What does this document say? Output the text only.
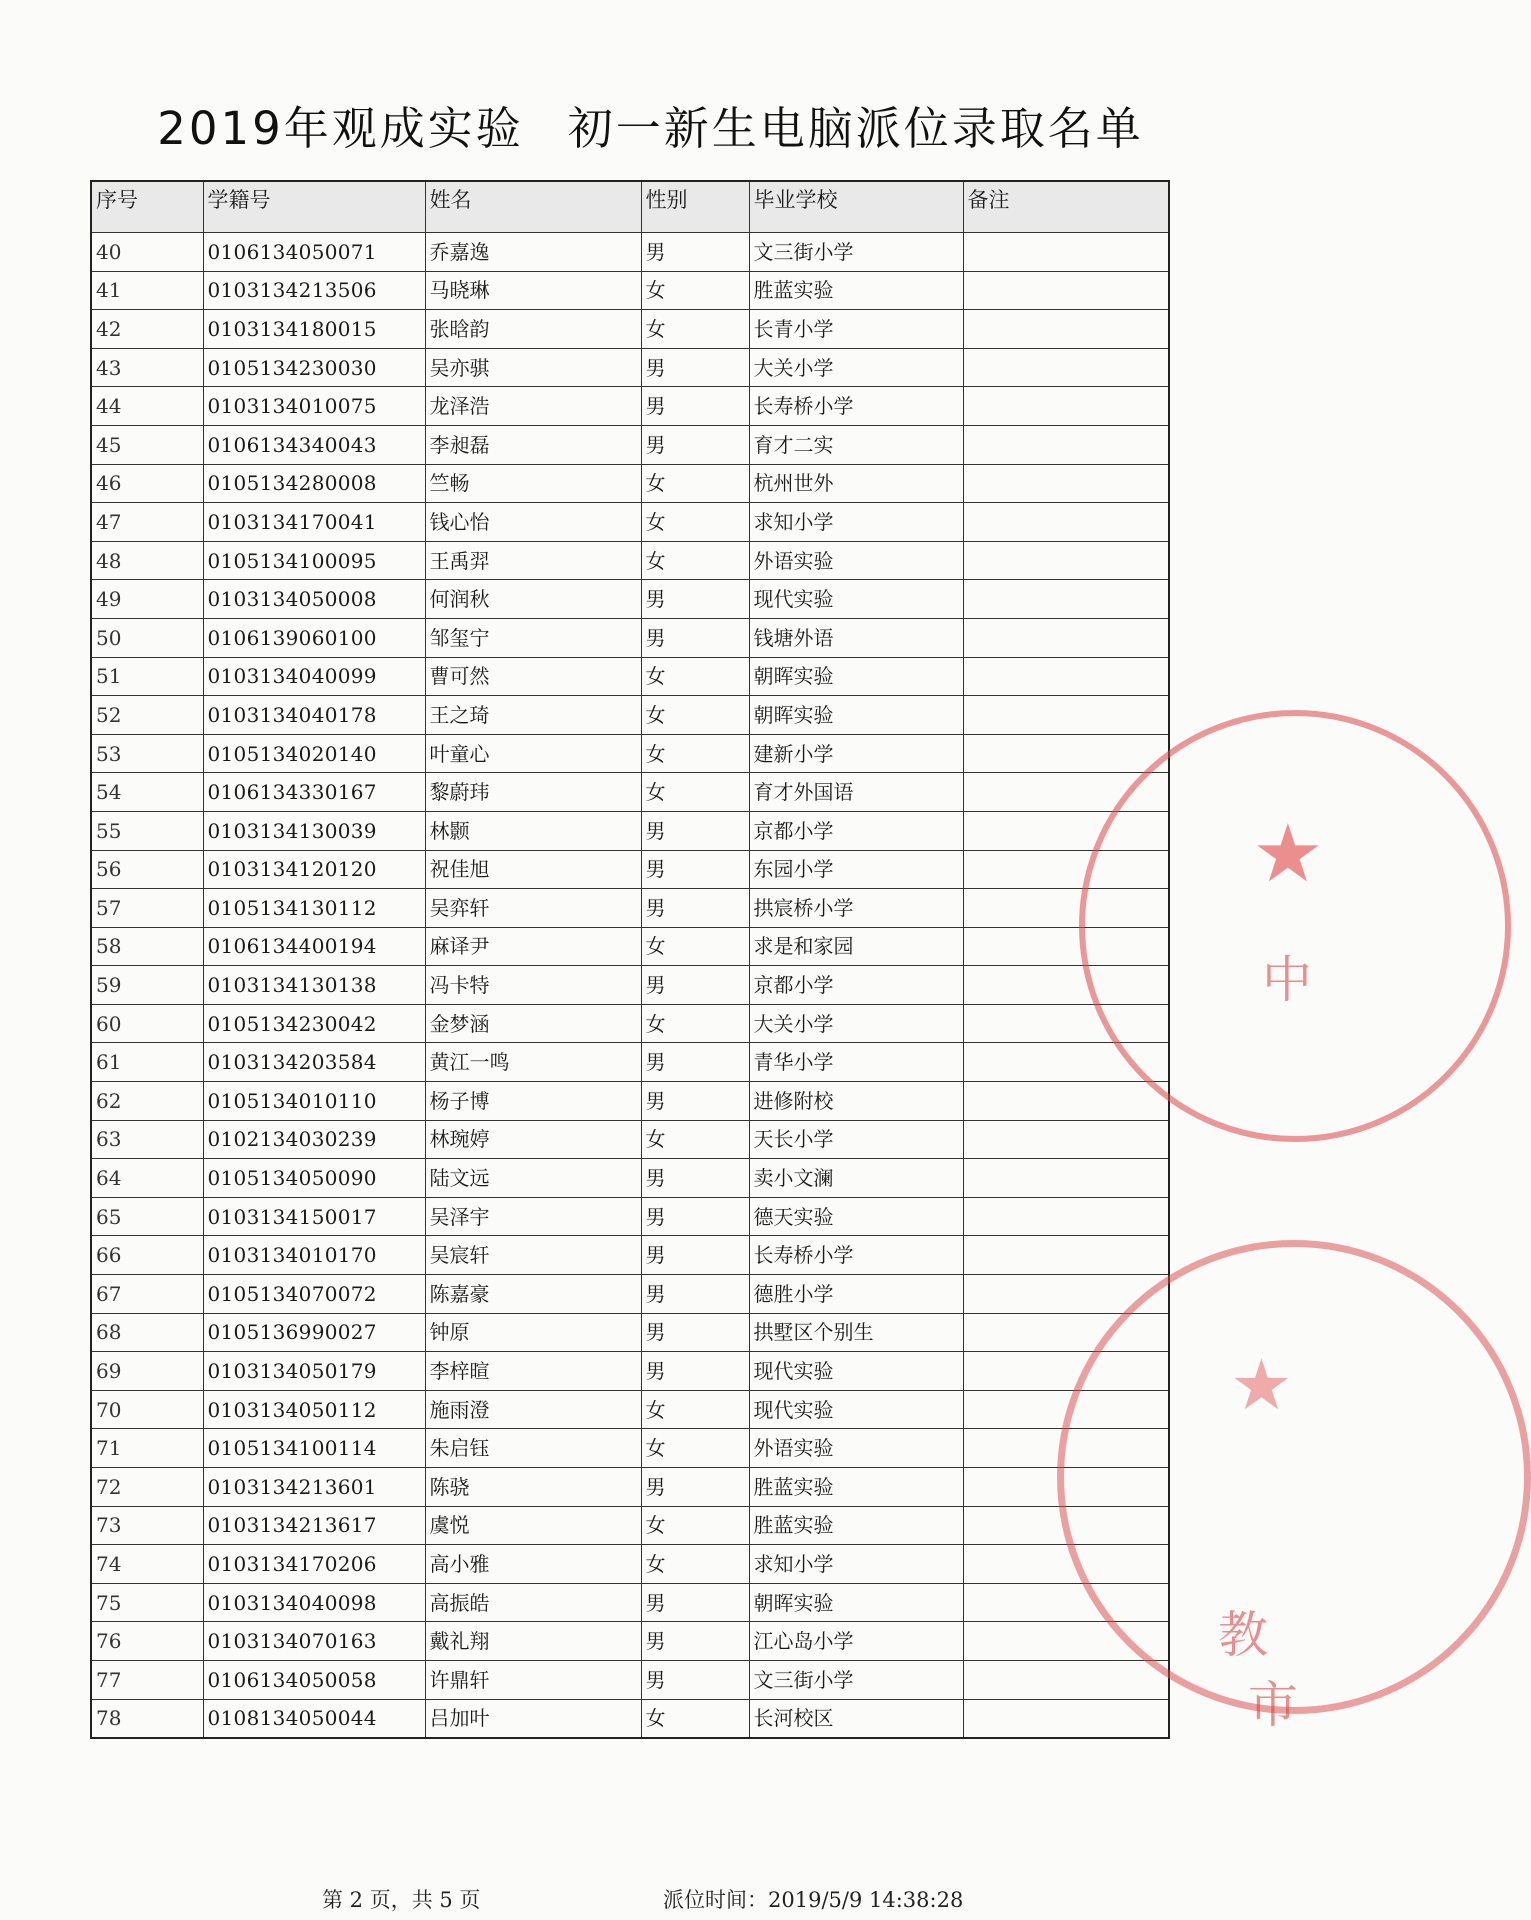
2019年观成实验 初一新生电脑派位录取名单
序号	学籍号	姓名	性别	毕业学校	备注
40	0106134050071	乔嘉逸	男	文三街小学	
41	0103134213506	马晓琳	女	胜蓝实验	
42	0103134180015	张晗韵	女	长青小学	
43	0105134230030	吴亦骐	男	大关小学	
44	0103134010075	龙泽浩	男	长寿桥小学	
45	0106134340043	李昶磊	男	育才二实	
46	0105134280008	竺畅	女	杭州世外	
47	0103134170041	钱心怡	女	求知小学	
48	0105134100095	王禹羿	女	外语实验	
49	0103134050008	何润秋	男	现代实验	
50	0106139060100	邹玺宁	男	钱塘外语	
51	0103134040099	曹可然	女	朝晖实验	
52	0103134040178	王之琦	女	朝晖实验	
53	0105134020140	叶童心	女	建新小学	
54	0106134330167	黎蔚玮	女	育才外国语	
55	0103134130039	林颢	男	京都小学	
56	0103134120120	祝佳旭	男	东园小学	
57	0105134130112	吴弈轩	男	拱宸桥小学	
58	0106134400194	麻译尹	女	求是和家园	
59	0103134130138	冯卡特	男	京都小学	
60	0105134230042	金梦涵	女	大关小学	
61	0103134203584	黄江一鸣	男	青华小学	
62	0105134010110	杨子博	男	进修附校	
63	0102134030239	林琬婷	女	天长小学	
64	0105134050090	陆文远	男	卖小文澜	
65	0103134150017	吴泽宇	男	德天实验	
66	0103134010170	吴宸轩	男	长寿桥小学	
67	0105134070072	陈嘉豪	男	德胜小学	
68	0105136990027	钟原	男	拱墅区个别生	
69	0103134050179	李梓暄	男	现代实验	
70	0103134050112	施雨澄	女	现代实验	
71	0105134100114	朱启钰	女	外语实验	
72	0103134213601	陈骁	男	胜蓝实验	
73	0103134213617	虞悦	女	胜蓝实验	
74	0103134170206	高小雅	女	求知小学	
75	0103134040098	高振皓	男	朝晖实验	
76	0103134070163	戴礼翔	男	江心岛小学	
77	0106134050058	许鼎轩	男	文三街小学	
78	0108134050044	吕加叶	女	长河校区	
第 2 页，共 5 页	派位时间：2019/5/9 14:38:28
★
中
★
教
市
